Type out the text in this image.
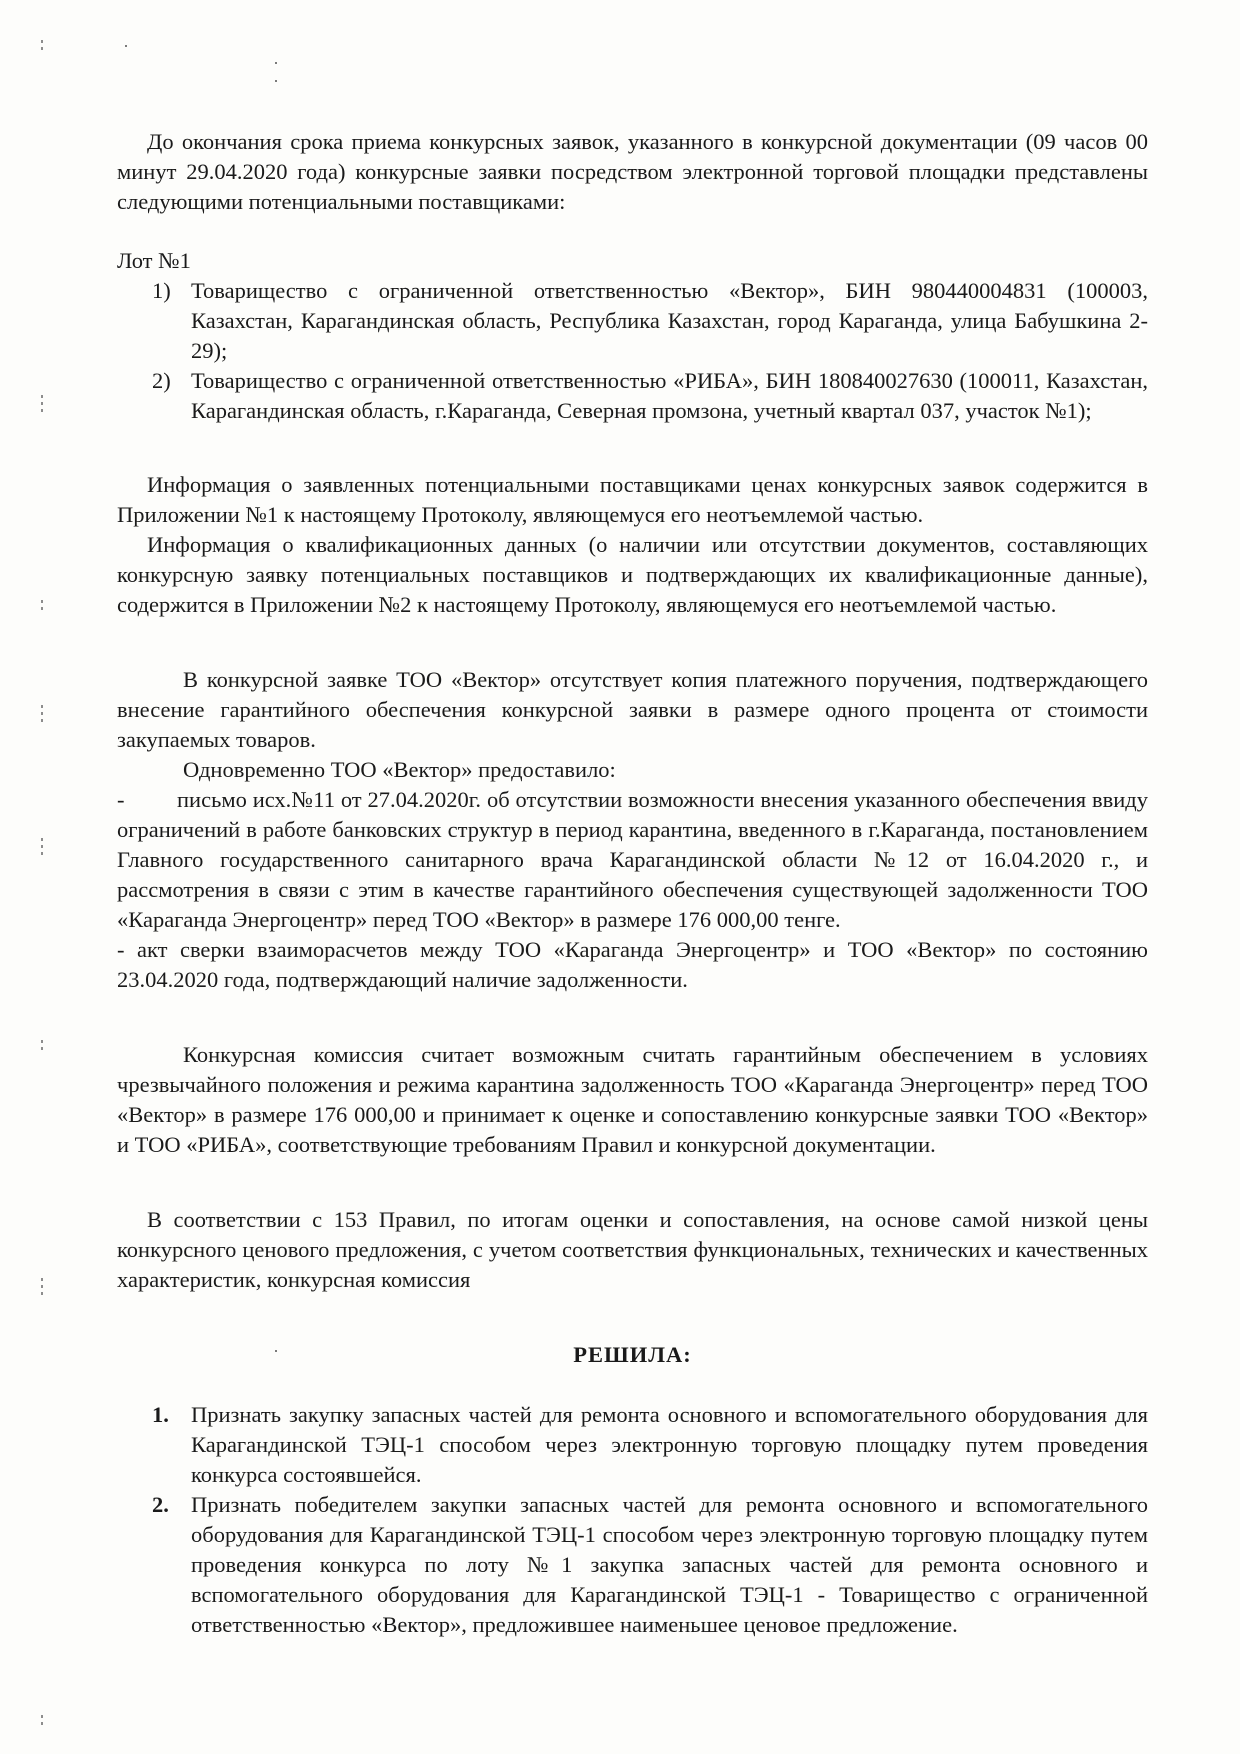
До окончания срока приема конкурсных заявок, указанного в конкурсной документации (09 часов 00 минут 29.04.2020 года) конкурсные заявки посредством электронной торговой площадки представлены следующими потенциальными поставщиками:

Лот №1

1) Товарищество с ограниченной ответственностью «Вектор», БИН 980440004831 (100003, Казахстан, Карагандинская область, Республика Казахстан, город Караганда, улица Бабушкина 2-29);
2) Товарищество с ограниченной ответственностью «РИБА», БИН 180840027630 (100011, Казахстан, Карагандинская область, г.Караганда, Северная промзона, учетный квартал 037, участок №1);

Информация о заявленных потенциальными поставщиками ценах конкурсных заявок содержится в Приложении №1 к настоящему Протоколу, являющемуся его неотъемлемой частью.

Информация о квалификационных данных (о наличии или отсутствии документов, составляющих конкурсную заявку потенциальных поставщиков и подтверждающих их квалификационные данные), содержится в Приложении №2 к настоящему Протоколу, являющемуся его неотъемлемой частью.

В конкурсной заявке ТОО «Вектор» отсутствует копия платежного поручения, подтверждающего внесение гарантийного обеспечения конкурсной заявки в размере одного процента от стоимости закупаемых товаров.

Одновременно ТОО «Вектор» предоставило:

- письмо исх.№11 от 27.04.2020г. об отсутствии возможности внесения указанного обеспечения ввиду ограничений в работе банковских структур в период карантина, введенного в г.Караганда, постановлением Главного государственного санитарного врача Карагандинской области №12 от 16.04.2020 г., и рассмотрения в связи с этим в качестве гарантийного обеспечения существующей задолженности ТОО «Караганда Энергоцентр» перед ТОО «Вектор» в размере 176 000,00 тенге.

- акт сверки взаиморасчетов между ТОО «Караганда Энергоцентр» и ТОО «Вектор» по состоянию 23.04.2020 года, подтверждающий наличие задолженности.

Конкурсная комиссия считает возможным считать гарантийным обеспечением в условиях чрезвычайного положения и режима карантина задолженность ТОО «Караганда Энергоцентр» перед ТОО «Вектор» в размере 176 000,00 и принимает к оценке и сопоставлению конкурсные заявки ТОО «Вектор» и ТОО «РИБА», соответствующие требованиям Правил и конкурсной документации.

В соответствии с 153 Правил, по итогам оценки и сопоставления, на основе самой низкой цены конкурсного ценового предложения, с учетом соответствия функциональных, технических и качественных характеристик, конкурсная комиссия

РЕШИЛА:

1. Признать закупку запасных частей для ремонта основного и вспомогательного оборудования для Карагандинской ТЭЦ-1 способом через электронную торговую площадку путем проведения конкурса состоявшейся.
2. Признать победителем закупки запасных частей для ремонта основного и вспомогательного оборудования для Карагандинской ТЭЦ-1 способом через электронную торговую площадку путем проведения конкурса по лоту №1 закупка запасных частей для ремонта основного и вспомогательного оборудования для Карагандинской ТЭЦ-1 - Товарищество с ограниченной ответственностью «Вектор», предложившее наименьшее ценовое предложение.
